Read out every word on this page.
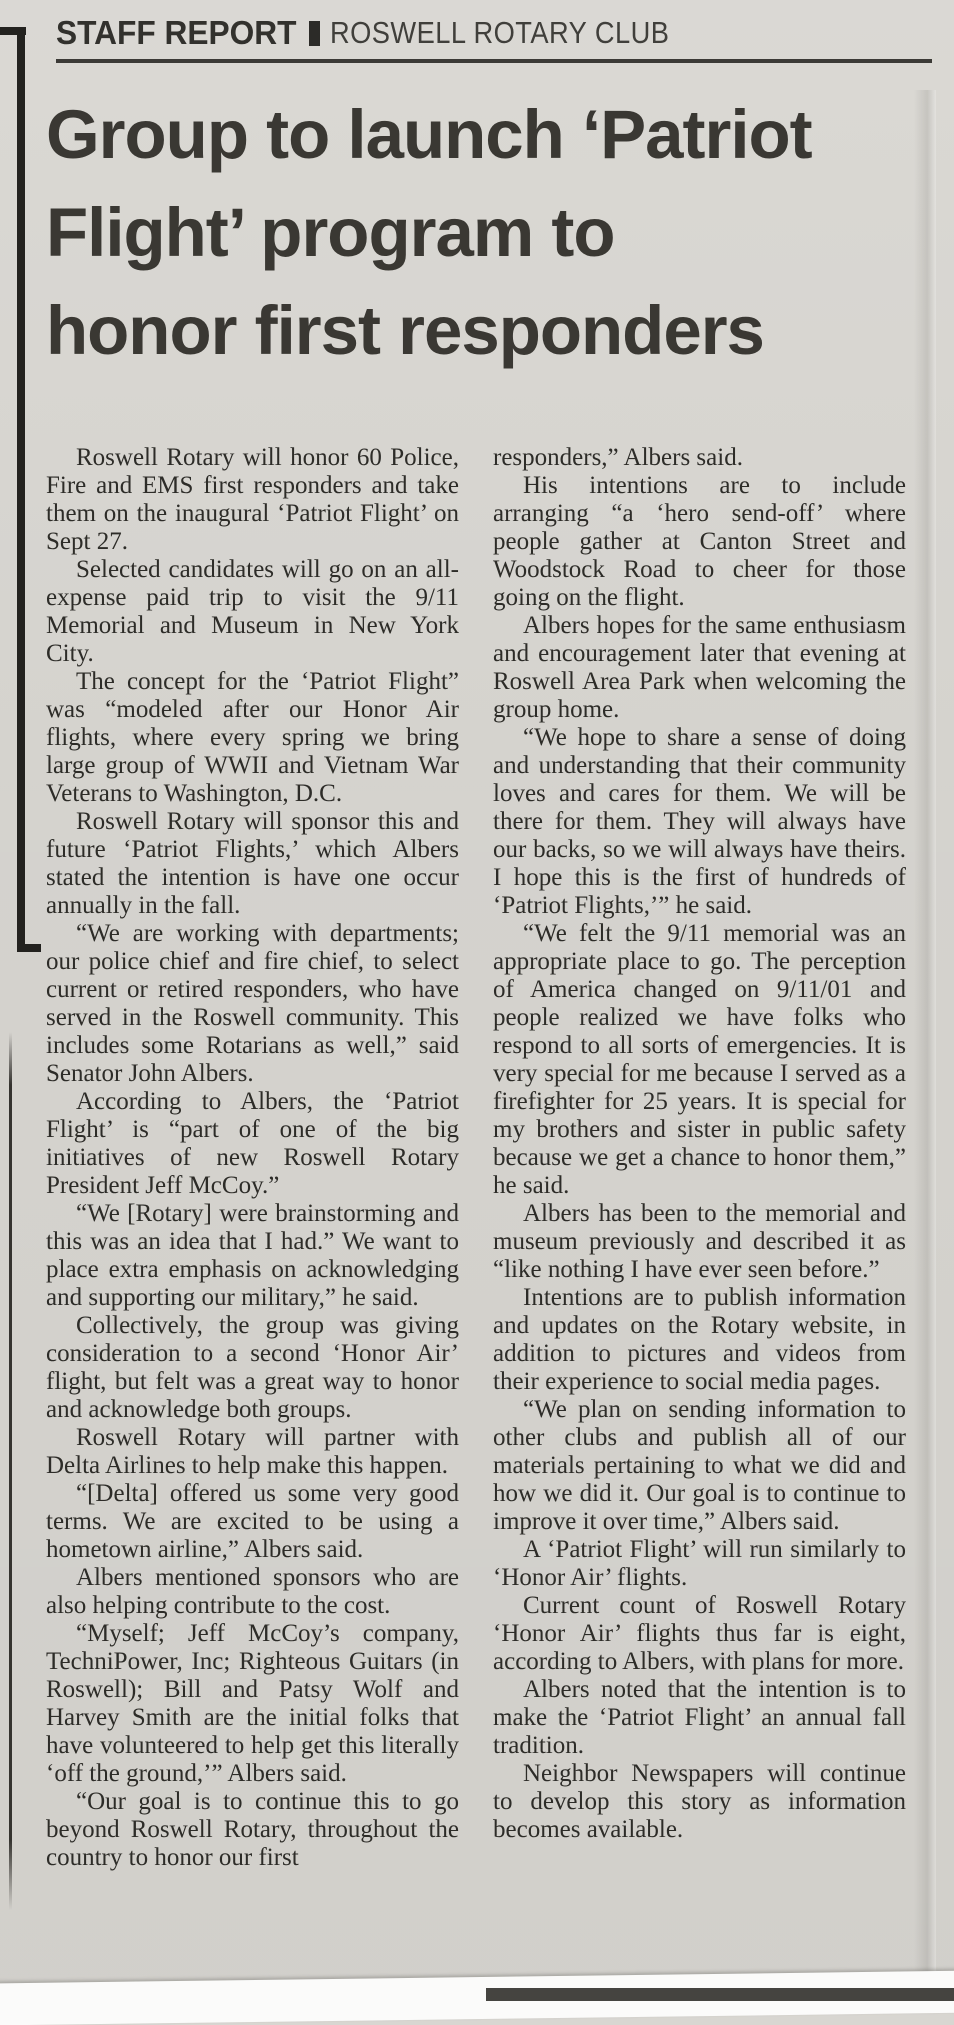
STAFF REPORT ROSWELL ROTARY CLUB
Group to launch ‘Patriot
Flight’ program to
honor first responders

Roswell Rotary will honor 60 Police, Fire and EMS first responders and take them on the inaugural ‘Patriot Flight’ on Sept 27.

Selected candidates will go on an all-expense paid trip to visit the 9/11 Memorial and Museum in New York City.

The concept for the ‘Patriot Flight” was “modeled after our Honor Air flights, where every spring we bring large group of WWII and Vietnam War Veterans to Washington, D.C.

Roswell Rotary will sponsor this and future ‘Patriot Flights,’ which Albers stated the intention is have one occur annually in the fall.

“We are working with departments; our police chief and fire chief, to select current or retired responders, who have served in the Roswell community. This includes some Rotarians as well,” said Senator John Albers.

According to Albers, the ‘Patriot Flight’ is “part of one of the big initiatives of new Roswell Rotary President Jeff McCoy.”

“We [Rotary] were brainstorming and this was an idea that I had.” We want to place extra emphasis on acknowledging and supporting our military,” he said.

Collectively, the group was giving consideration to a second ‘Honor Air’ flight, but felt was a great way to honor and acknowledge both groups.

Roswell Rotary will partner with Delta Airlines to help make this happen.

“[Delta] offered us some very good terms. We are excited to be using a hometown airline,” Albers said.

Albers mentioned sponsors who are also helping contribute to the cost.

“Myself; Jeff McCoy’s company, TechniPower, Inc; Righteous Guitars (in Roswell); Bill and Patsy Wolf and Harvey Smith are the initial folks that have volunteered to help get this literally ‘off the ground,’” Albers said.

“Our goal is to continue this to go beyond Roswell Rotary, throughout the country to honor our first

responders,” Albers said.

His intentions are to include arranging “a ‘hero send-off’ where people gather at Canton Street and Woodstock Road to cheer for those going on the flight.

Albers hopes for the same enthusiasm and encouragement later that evening at Roswell Area Park when welcoming the group home.

“We hope to share a sense of doing and understanding that their community loves and cares for them. We will be there for them. They will always have our backs, so we will always have theirs. I hope this is the first of hundreds of ‘Patriot Flights,’” he said.

“We felt the 9/11 memorial was an appropriate place to go. The perception of America changed on 9/11/01 and people realized we have folks who respond to all sorts of emergencies. It is very special for me because I served as a firefighter for 25 years. It is special for my brothers and sister in public safety because we get a chance to honor them,” he said.

Albers has been to the memorial and museum previously and described it as “like nothing I have ever seen before.”

Intentions are to publish information and updates on the Rotary website, in addition to pictures and videos from their experience to social media pages.

“We plan on sending information to other clubs and publish all of our materials pertaining to what we did and how we did it. Our goal is to continue to improve it over time,” Albers said.

A ‘Patriot Flight’ will run similarly to ‘Honor Air’ flights.

Current count of Roswell Rotary ‘Honor Air’ flights thus far is eight, according to Albers, with plans for more.

Albers noted that the intention is to make the ‘Patriot Flight’ an annual fall tradition.

Neighbor Newspapers will continue to develop this story as information becomes available.
